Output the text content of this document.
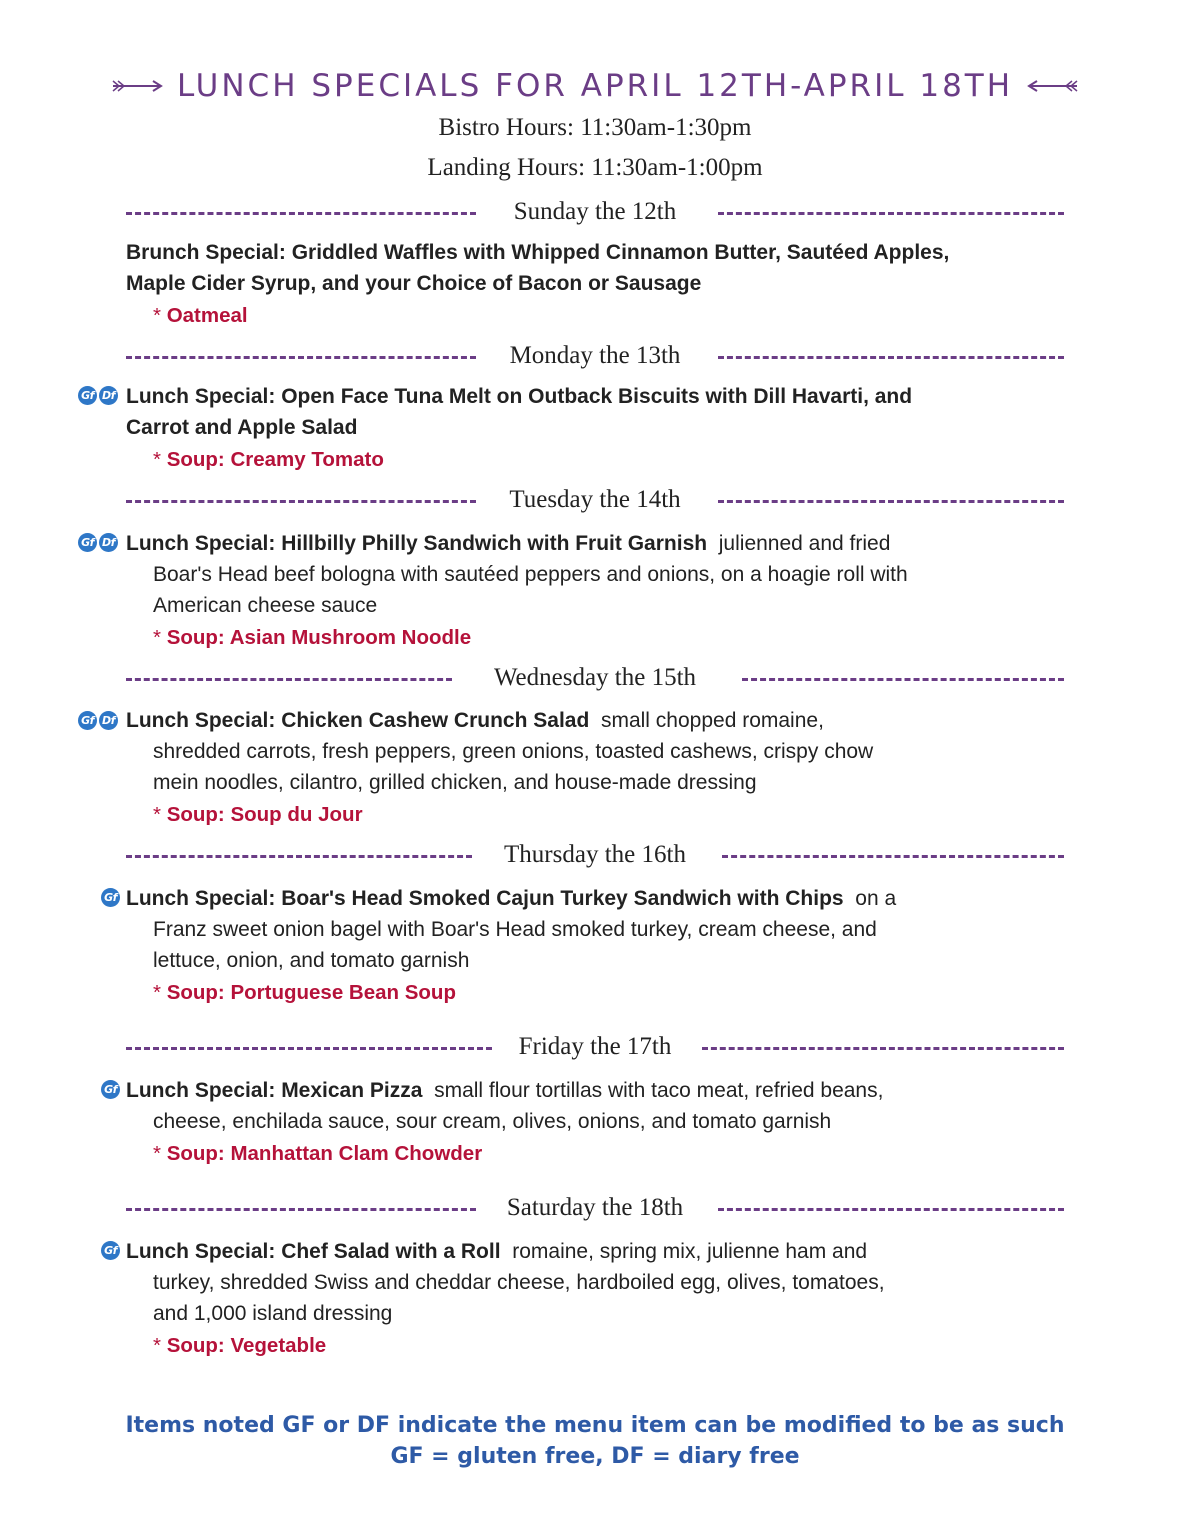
LUNCH SPECIALS FOR APRIL 12TH-APRIL 18TH
Bistro Hours: 11:30am-1:30pm
Landing Hours: 11:30am-1:00pm
Sunday the 12th
Brunch Special: Griddled Waffles with Whipped Cinnamon Butter, Sautéed Apples,
Maple Cider Syrup, and your Choice of Bacon or Sausage
* Oatmeal
Monday the 13th
Gf Df Lunch Special: Open Face Tuna Melt on Outback Biscuits with Dill Havarti, and
Carrot and Apple Salad
* Soup: Creamy Tomato
Tuesday the 14th
Gf Df Lunch Special: Hillbilly Philly Sandwich with Fruit Garnish julienned and fried
Boar's Head beef bologna with sautéed peppers and onions, on a hoagie roll with
American cheese sauce
* Soup: Asian Mushroom Noodle
Wednesday the 15th
Gf Df Lunch Special: Chicken Cashew Crunch Salad small chopped romaine,
shredded carrots, fresh peppers, green onions, toasted cashews, crispy chow
mein noodles, cilantro, grilled chicken, and house-made dressing
* Soup: Soup du Jour
Thursday the 16th
Gf Lunch Special: Boar's Head Smoked Cajun Turkey Sandwich with Chips on a
Franz sweet onion bagel with Boar's Head smoked turkey, cream cheese, and
lettuce, onion, and tomato garnish
* Soup: Portuguese Bean Soup
Friday the 17th
Gf Lunch Special: Mexican Pizza small flour tortillas with taco meat, refried beans,
cheese, enchilada sauce, sour cream, olives, onions, and tomato garnish
* Soup: Manhattan Clam Chowder
Saturday the 18th
Gf Lunch Special: Chef Salad with a Roll romaine, spring mix, julienne ham and
turkey, shredded Swiss and cheddar cheese, hardboiled egg, olives, tomatoes,
and 1,000 island dressing
* Soup: Vegetable
Items noted GF or DF indicate the menu item can be modified to be as such
GF = gluten free, DF = diary free
